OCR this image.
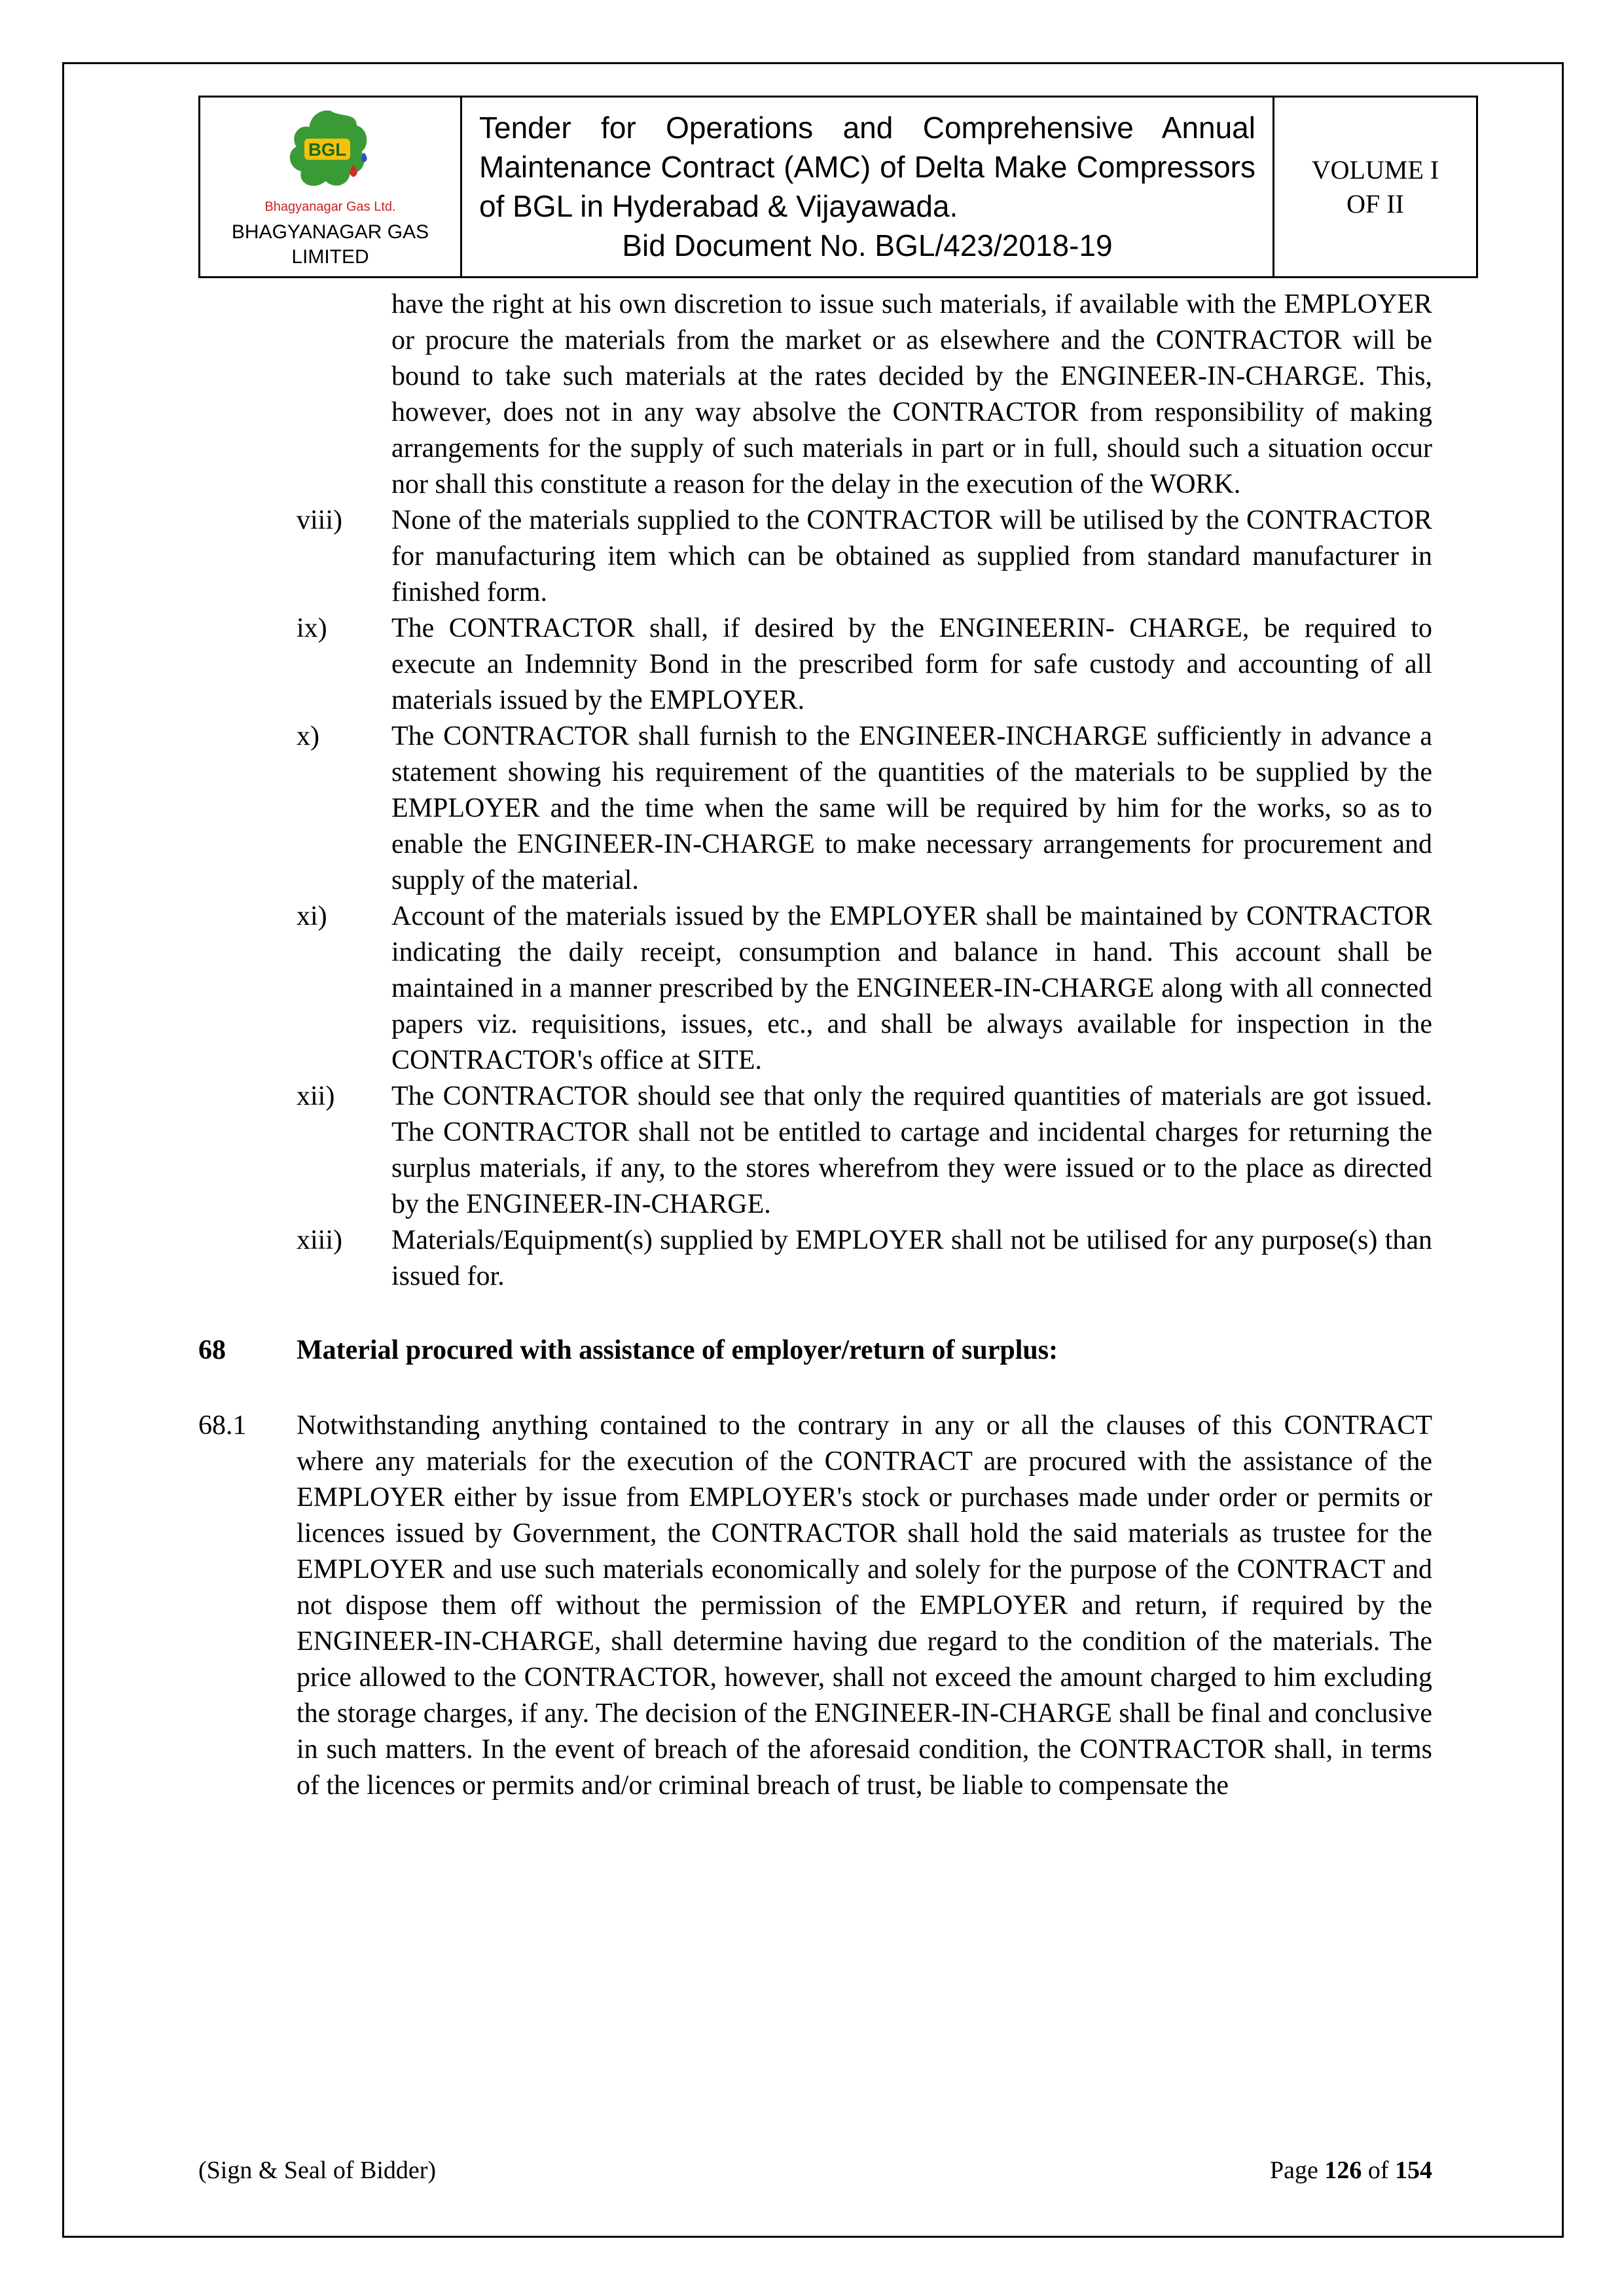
BGL
Bhagyanagar Gas Ltd.
BHAGYANAGAR GAS LIMITED
Tender for Operations and Comprehensive Annual Maintenance Contract (AMC) of Delta Make Compressors of BGL in Hyderabad & Vijayawada.
Bid Document No. BGL/423/2018-19
VOLUME I
OF II

have the right at his own discretion to issue such materials, if available with the EMPLOYER or procure the materials from the market or as elsewhere and the CONTRACTOR will be bound to take such materials at the rates decided by the ENGINEER-IN-CHARGE. This, however, does not in any way absolve the CONTRACTOR from responsibility of making arrangements for the supply of such materials in part or in full, should such a situation occur nor shall this constitute a reason for the delay in the execution of the WORK.

viii)	None of the materials supplied to the CONTRACTOR will be utilised by the CONTRACTOR for manufacturing item which can be obtained as supplied from standard manufacturer in finished form.
ix)	The CONTRACTOR shall, if desired by the ENGINEERIN- CHARGE, be required to execute an Indemnity Bond in the prescribed form for safe custody and accounting of all materials issued by the EMPLOYER.
x)	The CONTRACTOR shall furnish to the ENGINEER-INCHARGE sufficiently in advance a statement showing his requirement of the quantities of the materials to be supplied by the EMPLOYER and the time when the same will be required by him for the works, so as to enable the ENGINEER-IN-CHARGE to make necessary arrangements for procurement and supply of the material.
xi)	Account of the materials issued by the EMPLOYER shall be maintained by CONTRACTOR indicating the daily receipt, consumption and balance in hand. This account shall be maintained in a manner prescribed by the ENGINEER-IN-CHARGE along with all connected papers viz. requisitions, issues, etc., and shall be always available for inspection in the CONTRACTOR's office at SITE.
xii)	The CONTRACTOR should see that only the required quantities of materials are got issued. The CONTRACTOR shall not be entitled to cartage and incidental charges for returning the surplus materials, if any, to the stores wherefrom they were issued or to the place as directed by the ENGINEER-IN-CHARGE.
xiii)	Materials/Equipment(s) supplied by EMPLOYER shall not be utilised for any purpose(s) than issued for.
68	Material procured with assistance of employer/return of surplus:
68.1	Notwithstanding anything contained to the contrary in any or all the clauses of this CONTRACT where any materials for the execution of the CONTRACT are procured with the assistance of the EMPLOYER either by issue from EMPLOYER's stock or purchases made under order or permits or licences issued by Government, the CONTRACTOR shall hold the said materials as trustee for the EMPLOYER and use such materials economically and solely for the purpose of the CONTRACT and not dispose them off without the permission of the EMPLOYER and return, if required by the ENGINEER-IN-CHARGE, shall determine having due regard to the condition of the materials. The price allowed to the CONTRACTOR, however, shall not exceed the amount charged to him excluding the storage charges, if any. The decision of the ENGINEER-IN-CHARGE shall be final and conclusive in such matters. In the event of breach of the aforesaid condition, the CONTRACTOR shall, in terms of the licences or permits and/or criminal breach of trust, be liable to compensate the
(Sign & Seal of Bidder)	Page 126 of 154
